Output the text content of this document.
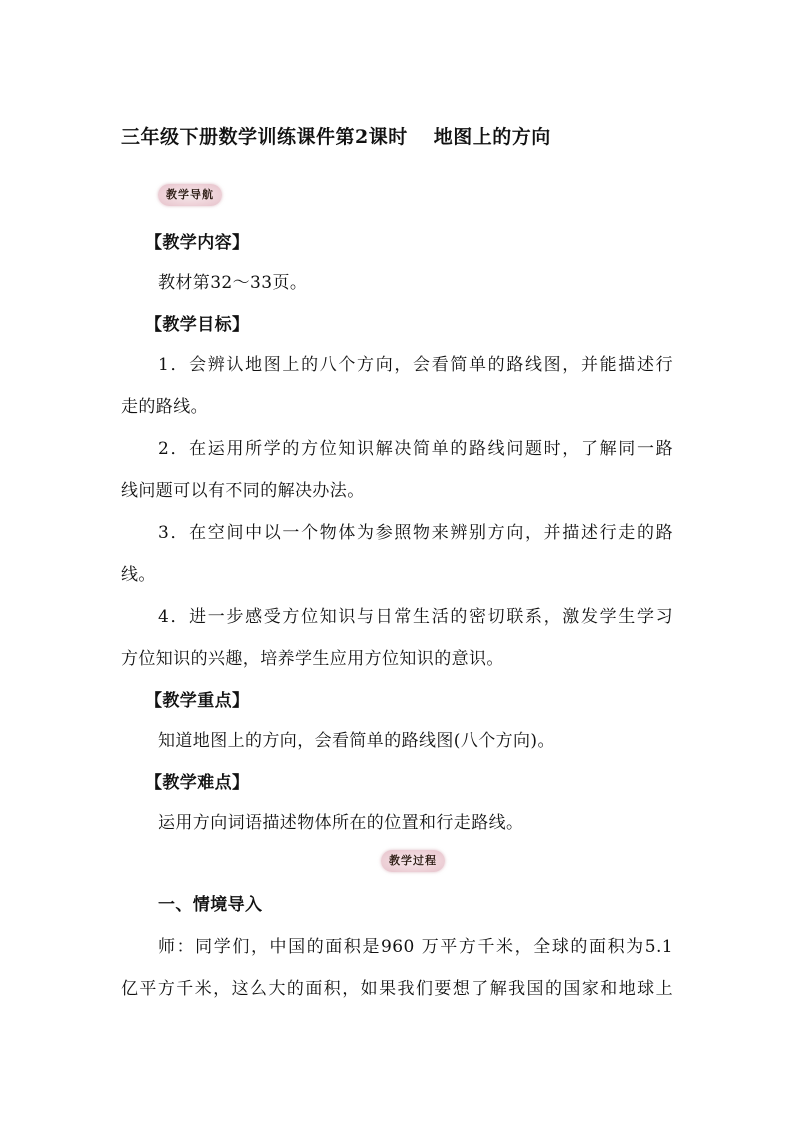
三年级下册数学训练课件第2课时 地图上的方向
教学导航
【教学内容】
教材第32～33页。
【教学目标】
1．会辨认地图上的八个方向，会看简单的路线图，并能描述行
走的路线。
2．在运用所学的方位知识解决简单的路线问题时，了解同一路
线问题可以有不同的解决办法。
3．在空间中以一个物体为参照物来辨别方向，并描述行走的路
线。
4．进一步感受方位知识与日常生活的密切联系，激发学生学习
方位知识的兴趣，培养学生应用方位知识的意识。
【教学重点】
知道地图上的方向，会看简单的路线图(八个方向)。
【教学难点】
运用方向词语描述物体所在的位置和行走路线。
教学过程
一、情境导入
师：同学们，中国的面积是960 万平方千米，全球的面积为5.1
亿平方千米，这么大的面积，如果我们要想了解我国的国家和地球上
